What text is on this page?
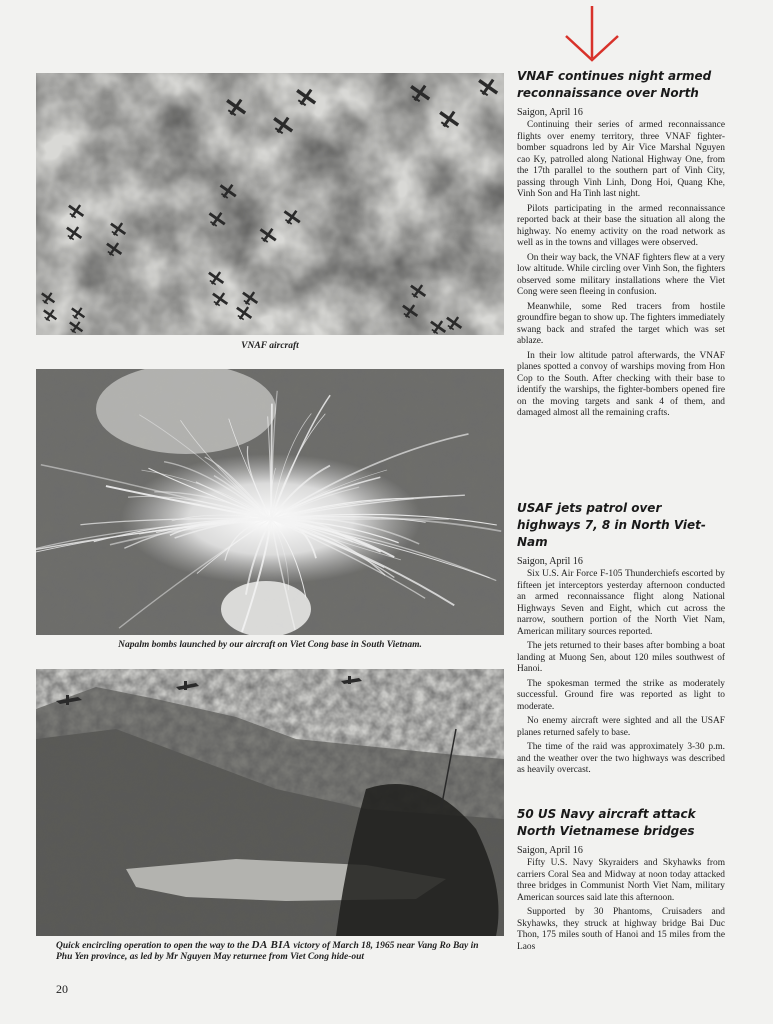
VNAF aircraft
Napalm bombs launched by our aircraft on Viet Cong base in South Vietnam.
Quick encircling operation to open the way to the DA BIA victory of March 18, 1965 near Vang Ro Bay in Phu Yen province, as led by Mr Nguyen May returnee from Viet Cong hide-out
VNAF continues night armed reconnaissance over North
Saigon, April 16

Continuing their series of armed reconnaissance flights over enemy territory, three VNAF fighter-bomber squadrons led by Air Vice Marshal Nguyen cao Ky, patrolled along National Highway One, from the 17th parallel to the southern part of Vinh City, passing through Vinh Linh, Dong Hoi, Quang Khe, Vinh Son and Ha Tinh last night.

Pilots participating in the armed reconnaissance reported back at their base the situation all along the highway. No enemy activity on the road network as well as in the towns and villages were observed.

On their way back, the VNAF fighters flew at a very low altitude. While circling over Vinh Son, the fighters observed some military installations where the Viet Cong were seen fleeing in confusion.

Meanwhile, some Red tracers from hostile groundfire began to show up. The fighters immediately swang back and strafed the target which was set ablaze.

In their low altitude patrol afterwards, the VNAF planes spotted a convoy of warships moving from Hon Cop to the South. After checking with their base to identify the warships, the fighter-bombers opened fire on the moving targets and sank 4 of them, and damaged almost all the remaining crafts.

USAF jets patrol over highways 7, 8 in North Viet-Nam
Saigon, April 16

Six U.S. Air Force F-105 Thunderchiefs escorted by fifteen jet interceptors yesterday afternoon conducted an armed reconnaissance flight along National Highways Seven and Eight, which cut across the narrow, southern portion of the North Viet Nam, American military sources reported.

The jets returned to their bases after bombing a boat landing at Muong Sen, about 120 miles southwest of Hanoi.

The spokesman termed the strike as moderately successful. Ground fire was reported as light to moderate.

No enemy aircraft were sighted and all the USAF planes returned safely to base.

The time of the raid was approximately 3-30 p.m. and the weather over the two highways was described as heavily overcast.

50 US Navy aircraft attack North Vietnamese bridges
Saigon, April 16

Fifty U.S. Navy Skyraiders and Skyhawks from carriers Coral Sea and Midway at noon today attacked three bridges in Communist North Viet Nam, military American sources said late this afternoon.

Supported by 30 Phantoms, Cruisaders and Skyhawks, they struck at highway bridge Bai Duc Thon, 175 miles south of Hanoi and 15 miles from the Laos

20
